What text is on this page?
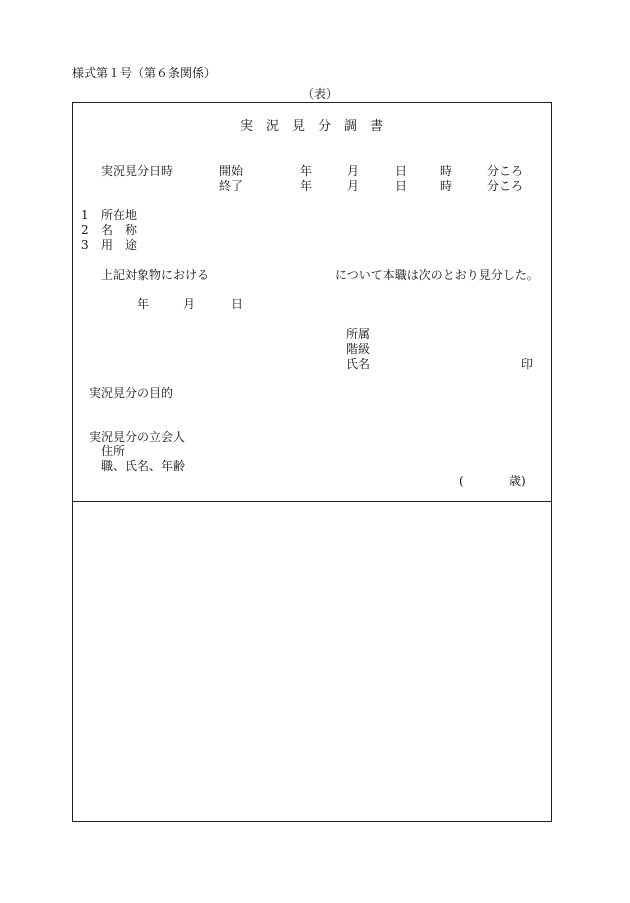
様式第１号（第６条関係）
（表）
実　況　見　分　調　書
実況見分日時	開始	年	月	日	時	分ころ
終了	年	月	日	時	分ころ
1 所在地
2 名　称
3 用　途
上記対象物における	について本職は次のとおり見分した。
年	月	日
所属
階級
氏名	印
実況見分の目的
実況見分の立会人
住所
職、氏名、年齢
(	歳)
